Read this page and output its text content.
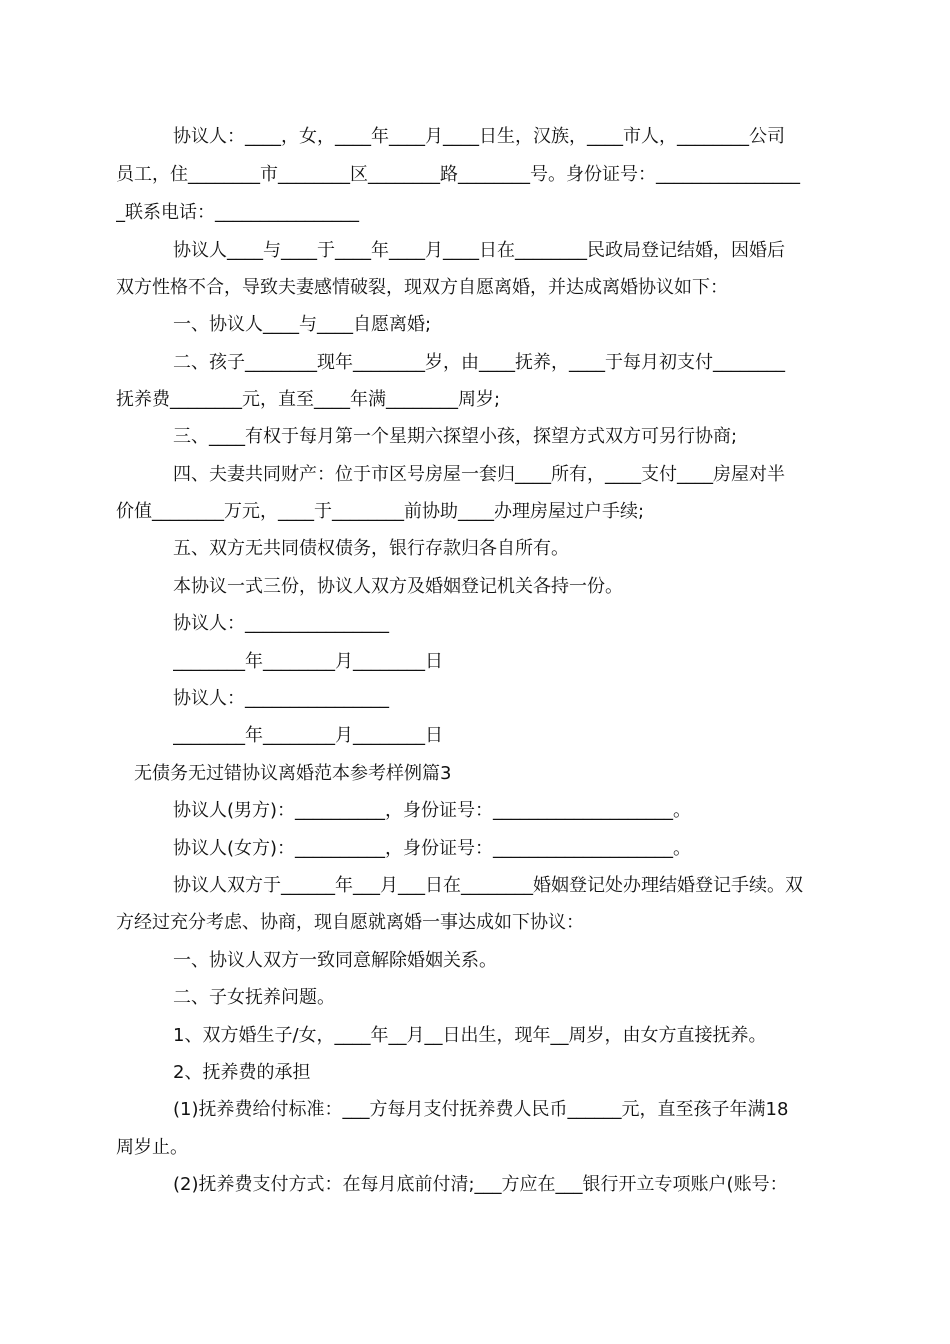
协议人：____，女，____年____月____日生，汉族，____市人，________公司

员工，住________市________区________路________号。身份证号：________________

_联系电话：________________

协议人____与____于____年____月____日在________民政局登记结婚，因婚后

双方性格不合，导致夫妻感情破裂，现双方自愿离婚，并达成离婚协议如下：

一、协议人____与____自愿离婚;

二、孩子________现年________岁，由____抚养，____于每月初支付________

抚养费________元，直至____年满________周岁;

三、____有权于每月第一个星期六探望小孩，探望方式双方可另行协商;

四、夫妻共同财产：位于市区号房屋一套归____所有，____支付____房屋对半

价值________万元，____于________前协助____办理房屋过户手续;

五、双方无共同债权债务，银行存款归各自所有。

本协议一式三份，协议人双方及婚姻登记机关各持一份。

协议人：________________

________年________月________日

协议人：________________

________年________月________日

无债务无过错协议离婚范本参考样例篇3

协议人(男方)：__________，身份证号：____________________。

协议人(女方)：__________，身份证号：____________________。

协议人双方于______年___月___日在________婚姻登记处办理结婚登记手续。双

方经过充分考虑、协商，现自愿就离婚一事达成如下协议：

一、协议人双方一致同意解除婚姻关系。

二、子女抚养问题。

1、双方婚生子/女，____年__月__日出生，现年__周岁，由女方直接抚养。

2、抚养费的承担

(1)抚养费给付标准：___方每月支付抚养费人民币______元，直至孩子年满18

周岁止。

(2)抚养费支付方式：在每月底前付清;___方应在___银行开立专项账户(账号：
